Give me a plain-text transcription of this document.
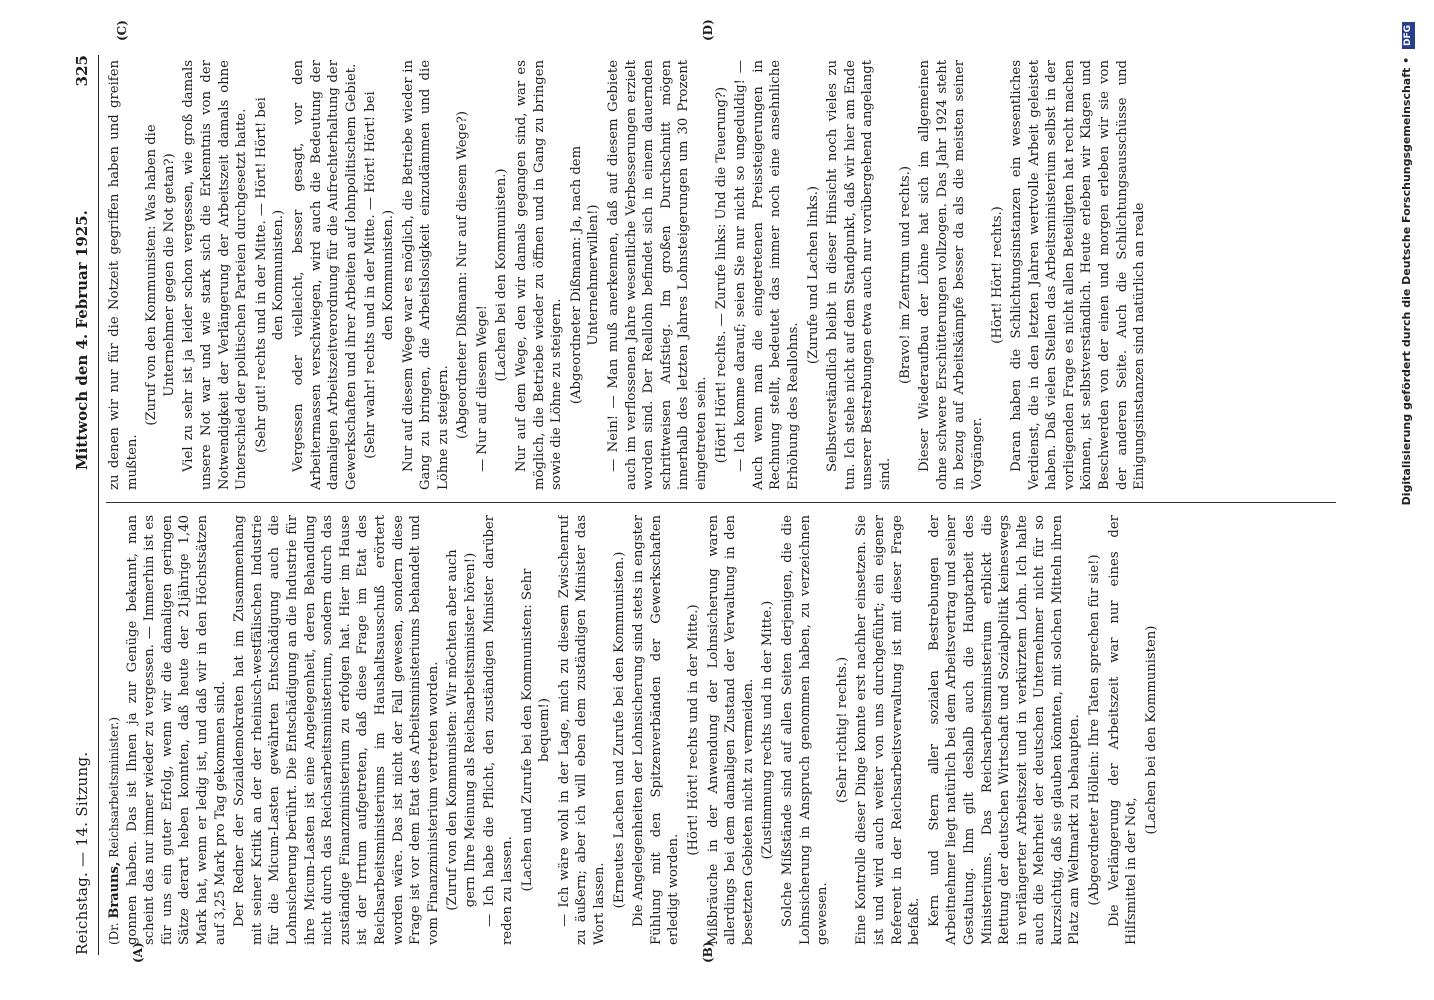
Reichstag. — 14. Sitzung.
Mittwoch den 4. Februar 1925.
325
(A)	(B)
(C)	(D)

(Dr. Brauns, Reichsarbeitsminister.) gonnen haben. Das ist Ihnen ja zur Genüge bekannt, man scheint das nur immer wieder zu vergessen. — Immerhin ist es für uns ein guter Erfolg, wenn wir die damaligen geringen Sätze derart heben konnten, daß heute der 21jährige 1,40 Mark hat, wenn er ledig ist, und daß wir in den Höchstsätzen auf 3,25 Mark pro Tag gekommen sind. Der Redner der Sozialdemokraten hat im Zusammenhang mit seiner Kritik an der der rheinisch-westfälischen Industrie für die Micum-Lasten gewährten Entschädigung auch die Lohnsicherung berührt. Die Entschädigung an die Industrie für ihre Micum-Lasten ist eine Angelegenheit, deren Behandlung nicht durch das Reichsarbeitsministerium, sondern durch das zuständige Finanzministerium zu erfolgen hat. Hier im Hause ist der Irrtum aufgetreten, daß diese Frage im Etat des Reichsarbeitsministeriums im Haushaltsausschuß erörtert worden wäre. Das ist nicht der Fall gewesen, sondern diese Frage ist vor dem Etat des Arbeitsministeriums behandelt und vom Finanzministerium vertreten worden. (Zuruf von den Kommunisten: Wir möchten aber auch gern Ihre Meinung als Reichsarbeitsminister hören!) — Ich habe die Pflicht, den zuständigen Minister darüber reden zu lassen. (Lachen und Zurufe bei den Kommunisten: Sehr bequem!) — Ich wäre wohl in der Lage, mich zu diesem Zwischenruf zu äußern; aber ich will eben dem zuständigen Minister das Wort lassen. (Erneutes Lachen und Zurufe bei den Kommunisten.) Die Angelegenheiten der Lohnsicherung sind stets in engster Fühlung mit den Spitzenverbänden der Gewerkschaften erledigt worden.

(Hört! Hört! rechts und in der Mitte.) Mißbräuche in der Anwendung der Lohnsicherung waren allerdings bei dem damaligen Zustand der Verwaltung in den besetzten Gebieten nicht zu vermeiden. (Zustimmung rechts und in der Mitte.) Solche Mißstände sind auf allen Seiten derjenigen, die die Lohnsicherung in Anspruch genommen haben, zu verzeichnen gewesen.

(Sehr richtig! rechts.) Eine Kontrolle dieser Dinge konnte erst nachher einsetzen. Sie ist und wird auch weiter von uns durchgeführt; ein eigener Referent in der Reichsarbeitsverwaltung ist mit dieser Frage befaßt. Kern und Stern aller sozialen Bestrebungen der Arbeitnehmer liegt natürlich bei dem Arbeitsvertrag und seiner Gestaltung. Ihm gilt deshalb auch die Hauptarbeit des Ministeriums. Das Reichsarbeitsministerium erblickt die Rettung der deutschen Wirtschaft und Sozialpolitik keineswegs in verlängerter Arbeitszeit und in verkürztem Lohn. Ich halte auch die Mehrheit der deutschen Unternehmer nicht für so kurzsichtig, daß sie glauben könnten, mit solchen Mitteln ihren Platz am Weltmarkt zu behaupten. (Abgeordneter Höllein: Ihre Taten sprechen für sie!) Die Verlängerung der Arbeitszeit war nur eines der Hilfsmittel in der Not,

(Lachen bei den Kommunisten)

zu denen wir nur für die Notzeit gegriffen haben und greifen mußten.

(Zuruf von den Kommunisten: Was haben die Unternehmer gegen die Not getan?) Viel zu sehr ist ja leider schon vergessen, wie groß damals unsere Not war und wie stark sich die Erkenntnis von der Notwendigkeit der Verlängerung der Arbeitszeit damals ohne Unterschied der politischen Parteien durchgesetzt hatte. (Sehr gut! rechts und in der Mitte. — Hört! Hört! bei den Kommunisten.) Vergessen oder vielleicht, besser gesagt, vor den Arbeitermassen verschwiegen, wird auch die Bedeutung der damaligen Arbeitszeitverordnung für die Aufrechterhaltung der Gewerkschaften und ihrer Arbeiten auf lohnpolitischem Gebiet. (Sehr wahr! rechts und in der Mitte. — Hört! Hört! bei den Kommunisten.) Nur auf diesem Wege war es möglich, die Betriebe wieder in Gang zu bringen, die Arbeitslosigkeit einzudämmen und die Löhne zu steigern. (Abgeordneter Dißmann: Nur auf diesem Wege?) — Nur auf diesem Wege!

(Lachen bei den Kommunisten.) Nur auf dem Wege, den wir damals gegangen sind, war es möglich, die Betriebe wieder zu öffnen und in Gang zu bringen sowie die Löhne zu steigern. (Abgeordneter Dißmann: Ja, nach dem Unternehmerwillen!) — Nein! — Man muß anerkennen, daß auf diesem Gebiete auch im verflossenen Jahre wesentliche Verbesserungen erzielt worden sind. Der Reallohn befindet sich in einem dauernden schrittweisen Aufstieg. Im großen Durchschnitt mögen innerhalb des letzten Jahres Lohnsteigerungen um 30 Prozent eingetreten sein. (Hört! Hört! rechts. — Zurufe links: Und die Teuerung?) — Ich komme darauf; seien Sie nur nicht so ungeduldig! — Auch wenn man die eingetretenen Preissteigerungen in Rechnung stellt, bedeutet das immer noch eine ansehnliche Erhöhung des Reallohns.

(Zurufe und Lachen links.) Selbstverständlich bleibt in dieser Hinsicht noch vieles zu tun. Ich stehe nicht auf dem Standpunkt, daß wir hier am Ende unserer Bestrebungen etwa auch nur vorübergehend angelangt sind.

(Bravo! im Zentrum und rechts.) Dieser Wiederaufbau der Löhne hat sich im allgemeinen ohne schwere Erschütterungen vollzogen. Das Jahr 1924 steht in bezug auf Arbeitskämpfe besser da als die meisten seiner Vorgänger.

(Hört! Hört! rechts.) Daran haben die Schlichtungsinstanzen ein wesentliches Verdienst, die in den letzten Jahren wertvolle Arbeit geleistet haben. Daß vielen Stellen das Arbeitsministerium selbst in der vorliegenden Frage es nicht allen Beteiligten hat recht machen können, ist selbstverständlich. Heute erleben wir Klagen und Beschwerden von der einen und morgen erleben wir sie von der anderen Seite. Auch die Schlichtungsausschüsse und Einigungsinstanzen sind natürlich an reale	Digitalisierung gefördert durch die Deutsche Forschungsgemeinschaft • DFG
